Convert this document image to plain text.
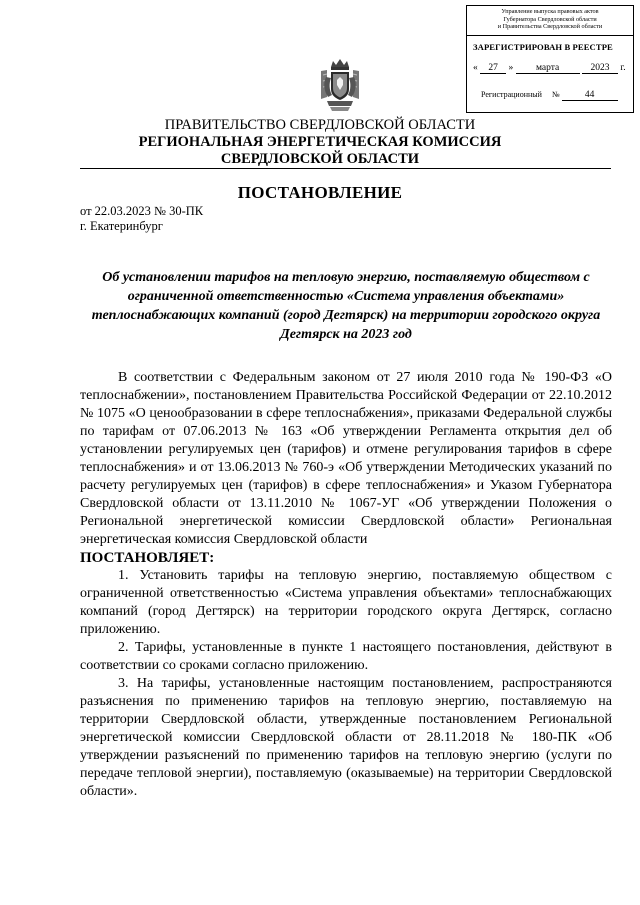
Управление выпуска правовых актов
Губернатора Свердловской области
и Правительства Свердловской области
ЗАРЕГИСТРИРОВАН В РЕЕСТРЕ
« 27 » марта	2023 г.
Регистрационный №	44
ПРАВИТЕЛЬСТВО СВЕРДЛОВСКОЙ ОБЛАСТИ
РЕГИОНАЛЬНАЯ ЭНЕРГЕТИЧЕСКАЯ КОМИССИЯ
СВЕРДЛОВСКОЙ ОБЛАСТИ
ПОСТАНОВЛЕНИЕ
от 22.03.2023 № 30-ПК
г. Екатеринбург
Об установлении тарифов на тепловую энергию, поставляемую обществом с ограниченной ответственностью «Система управления объектами» теплоснабжающих компаний (город Дегтярск) на территории городского округа Дегтярск на 2023 год

В соответствии с Федеральным законом от 27 июля 2010 года № 190-ФЗ «О теплоснабжении», постановлением Правительства Российской Федерации от 22.10.2012 № 1075 «О ценообразовании в сфере теплоснабжения», приказами Федеральной службы по тарифам от 07.06.2013 № 163 «Об утверждении Регламента открытия дел об установлении регулируемых цен (тарифов) и отмене регулирования тарифов в сфере теплоснабжения» и от 13.06.2013 № 760-э «Об утверждении Методических указаний по расчету регулируемых цен (тарифов) в сфере теплоснабжения» и Указом Губернатора Свердловской области от 13.11.2010 № 1067-УГ «Об утверждении Положения о Региональной энергетической комиссии Свердловской области» Региональная энергетическая комиссия Свердловской области

ПОСТАНОВЛЯЕТ:

1. Установить тарифы на тепловую энергию, поставляемую обществом с ограниченной ответственностью «Система управления объектами» теплоснабжающих компаний (город Дегтярск) на территории городского округа Дегтярск, согласно приложению.

2. Тарифы, установленные в пункте 1 настоящего постановления, действуют в соответствии со сроками согласно приложению.

3. На тарифы, установленные настоящим постановлением, распространяются разъяснения по применению тарифов на тепловую энергию, поставляемую на территории Свердловской области, утвержденные постановлением Региональной энергетической комиссии Свердловской области от 28.11.2018 № 180-ПК «Об утверждении разъяснений по применению тарифов на тепловую энергию (услуги по передаче тепловой энергии), поставляемую (оказываемые) на территории Свердловской области».
